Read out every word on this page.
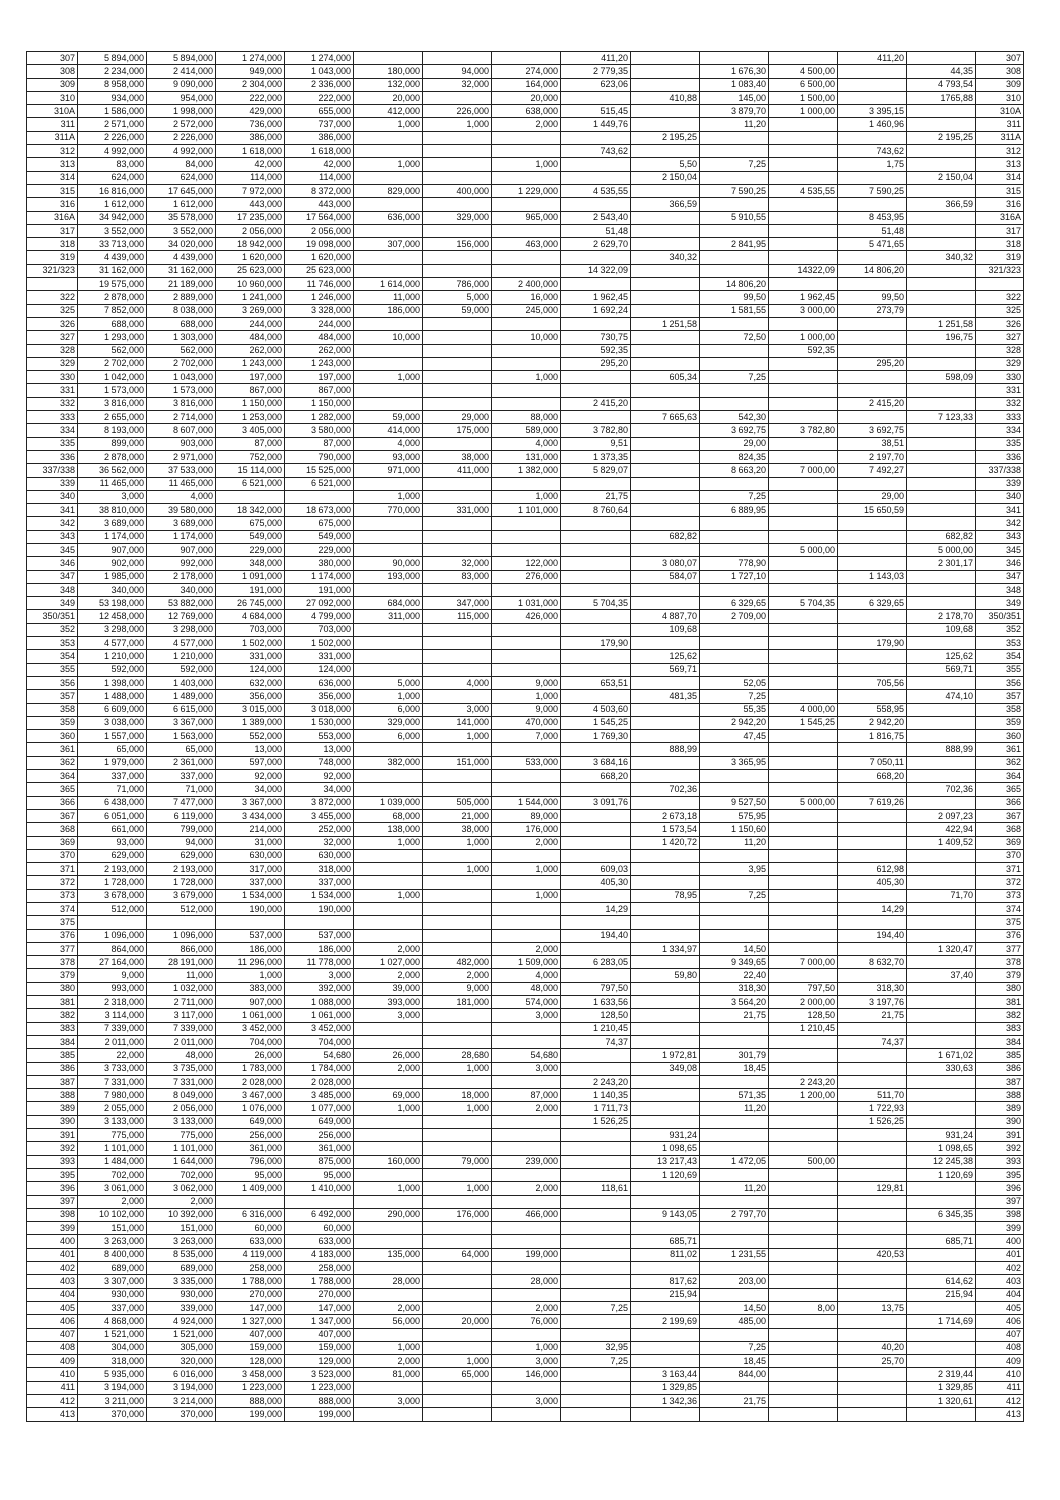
307	5 894,000	5 894,000	1 274,000	1 274,000				411,20				411,20		307
308	2 234,000	2 414,000	949,000	1 043,000	180,000	94,000	274,000	2 779,35		1 676,30	4 500,00		44,35	308
309	8 958,000	9 090,000	2 304,000	2 336,000	132,000	32,000	164,000	623,06		1 083,40	6 500,00		4 793,54	309
310	934,000	954,000	222,000	222,000	20,000		20,000		410,88	145,00	1 500,00		1765,88	310
310A	1 586,000	1 998,000	429,000	655,000	412,000	226,000	638,000	515,45		3 879,70	1 000,00	3 395,15		310A
311	2 571,000	2 572,000	736,000	737,000	1,000	1,000	2,000	1 449,76		11,20		1 460,96		311
311A	2 226,000	2 226,000	386,000	386,000					2 195,25				2 195,25	311A
312	4 992,000	4 992,000	1 618,000	1 618,000				743,62				743,62		312
313	83,000	84,000	42,000	42,000	1,000		1,000		5,50	7,25		1,75		313
314	624,000	624,000	114,000	114,000					2 150,04				2 150,04	314
315	16 816,000	17 645,000	7 972,000	8 372,000	829,000	400,000	1 229,000	4 535,55		7 590,25	4 535,55	7 590,25		315
316	1 612,000	1 612,000	443,000	443,000					366,59				366,59	316
316A	34 942,000	35 578,000	17 235,000	17 564,000	636,000	329,000	965,000	2 543,40		5 910,55		8 453,95		316A
317	3 552,000	3 552,000	2 056,000	2 056,000				51,48				51,48		317
318	33 713,000	34 020,000	18 942,000	19 098,000	307,000	156,000	463,000	2 629,70		2 841,95		5 471,65		318
319	4 439,000	4 439,000	1 620,000	1 620,000					340,32				340,32	319
321/323	31 162,000	31 162,000	25 623,000	25 623,000				14 322,09			14322,09	14 806,20		321/323
	19 575,000	21 189,000	10 960,000	11 746,000	1 614,000	786,000	2 400,000			14 806,20				
322	2 878,000	2 889,000	1 241,000	1 246,000	11,000	5,000	16,000	1 962,45		99,50	1 962,45	99,50		322
325	7 852,000	8 038,000	3 269,000	3 328,000	186,000	59,000	245,000	1 692,24		1 581,55	3 000,00	273,79		325
326	688,000	688,000	244,000	244,000					1 251,58				1 251,58	326
327	1 293,000	1 303,000	484,000	484,000	10,000		10,000	730,75		72,50	1 000,00		196,75	327
328	562,000	562,000	262,000	262,000				592,35			592,35			328
329	2 702,000	2 702,000	1 243,000	1 243,000				295,20				295,20		329
330	1 042,000	1 043,000	197,000	197,000	1,000		1,000		605,34	7,25			598,09	330
331	1 573,000	1 573,000	867,000	867,000										331
332	3 816,000	3 816,000	1 150,000	1 150,000				2 415,20				2 415,20		332
333	2 655,000	2 714,000	1 253,000	1 282,000	59,000	29,000	88,000		7 665,63	542,30			7 123,33	333
334	8 193,000	8 607,000	3 405,000	3 580,000	414,000	175,000	589,000	3 782,80		3 692,75	3 782,80	3 692,75		334
335	899,000	903,000	87,000	87,000	4,000		4,000	9,51		29,00		38,51		335
336	2 878,000	2 971,000	752,000	790,000	93,000	38,000	131,000	1 373,35		824,35		2 197,70		336
337/338	36 562,000	37 533,000	15 114,000	15 525,000	971,000	411,000	1 382,000	5 829,07		8 663,20	7 000,00	7 492,27		337/338
339	11 465,000	11 465,000	6 521,000	6 521,000										339
340	3,000	4,000			1,000		1,000	21,75		7,25		29,00		340
341	38 810,000	39 580,000	18 342,000	18 673,000	770,000	331,000	1 101,000	8 760,64		6 889,95		15 650,59		341
342	3 689,000	3 689,000	675,000	675,000										342
343	1 174,000	1 174,000	549,000	549,000					682,82				682,82	343
345	907,000	907,000	229,000	229,000							5 000,00		5 000,00	345
346	902,000	992,000	348,000	380,000	90,000	32,000	122,000		3 080,07	778,90			2 301,17	346
347	1 985,000	2 178,000	1 091,000	1 174,000	193,000	83,000	276,000		584,07	1 727,10		1 143,03		347
348	340,000	340,000	191,000	191,000										348
349	53 198,000	53 882,000	26 745,000	27 092,000	684,000	347,000	1 031,000	5 704,35		6 329,65	5 704,35	6 329,65		349
350/351	12 458,000	12 769,000	4 684,000	4 799,000	311,000	115,000	426,000		4 887,70	2 709,00			2 178,70	350/351
352	3 298,000	3 298,000	703,000	703,000					109,68				109,68	352
353	4 577,000	4 577,000	1 502,000	1 502,000				179,90				179,90		353
354	1 210,000	1 210,000	331,000	331,000					125,62				125,62	354
355	592,000	592,000	124,000	124,000					569,71				569,71	355
356	1 398,000	1 403,000	632,000	636,000	5,000	4,000	9,000	653,51		52,05		705,56		356
357	1 488,000	1 489,000	356,000	356,000	1,000		1,000		481,35	7,25			474,10	357
358	6 609,000	6 615,000	3 015,000	3 018,000	6,000	3,000	9,000	4 503,60		55,35	4 000,00	558,95		358
359	3 038,000	3 367,000	1 389,000	1 530,000	329,000	141,000	470,000	1 545,25		2 942,20	1 545,25	2 942,20		359
360	1 557,000	1 563,000	552,000	553,000	6,000	1,000	7,000	1 769,30		47,45		1 816,75		360
361	65,000	65,000	13,000	13,000					888,99				888,99	361
362	1 979,000	2 361,000	597,000	748,000	382,000	151,000	533,000	3 684,16		3 365,95		7 050,11		362
364	337,000	337,000	92,000	92,000				668,20				668,20		364
365	71,000	71,000	34,000	34,000					702,36				702,36	365
366	6 438,000	7 477,000	3 367,000	3 872,000	1 039,000	505,000	1 544,000	3 091,76		9 527,50	5 000,00	7 619,26		366
367	6 051,000	6 119,000	3 434,000	3 455,000	68,000	21,000	89,000		2 673,18	575,95			2 097,23	367
368	661,000	799,000	214,000	252,000	138,000	38,000	176,000		1 573,54	1 150,60			422,94	368
369	93,000	94,000	31,000	32,000	1,000	1,000	2,000		1 420,72	11,20			1 409,52	369
370	629,000	629,000	630,000	630,000										370
371	2 193,000	2 193,000	317,000	318,000		1,000	1,000	609,03		3,95		612,98		371
372	1 728,000	1 728,000	337,000	337,000				405,30				405,30		372
373	3 678,000	3 679,000	1 534,000	1 534,000	1,000		1,000		78,95	7,25			71,70	373
374	512,000	512,000	190,000	190,000				14,29				14,29		374
375														375
376	1 096,000	1 096,000	537,000	537,000				194,40				194,40		376
377	864,000	866,000	186,000	186,000	2,000		2,000		1 334,97	14,50			1 320,47	377
378	27 164,000	28 191,000	11 296,000	11 778,000	1 027,000	482,000	1 509,000	6 283,05		9 349,65	7 000,00	8 632,70		378
379	9,000	11,000	1,000	3,000	2,000	2,000	4,000		59,80	22,40			37,40	379
380	993,000	1 032,000	383,000	392,000	39,000	9,000	48,000	797,50		318,30	797,50	318,30		380
381	2 318,000	2 711,000	907,000	1 088,000	393,000	181,000	574,000	1 633,56		3 564,20	2 000,00	3 197,76		381
382	3 114,000	3 117,000	1 061,000	1 061,000	3,000		3,000	128,50		21,75	128,50	21,75		382
383	7 339,000	7 339,000	3 452,000	3 452,000				1 210,45			1 210,45			383
384	2 011,000	2 011,000	704,000	704,000				74,37				74,37		384
385	22,000	48,000	26,000	54,680	26,000	28,680	54,680		1 972,81	301,79			1 671,02	385
386	3 733,000	3 735,000	1 783,000	1 784,000	2,000	1,000	3,000		349,08	18,45			330,63	386
387	7 331,000	7 331,000	2 028,000	2 028,000				2 243,20			2 243,20			387
388	7 980,000	8 049,000	3 467,000	3 485,000	69,000	18,000	87,000	1 140,35		571,35	1 200,00	511,70		388
389	2 055,000	2 056,000	1 076,000	1 077,000	1,000	1,000	2,000	1 711,73		11,20		1 722,93		389
390	3 133,000	3 133,000	649,000	649,000				1 526,25				1 526,25		390
391	775,000	775,000	256,000	256,000					931,24				931,24	391
392	1 101,000	1 101,000	361,000	361,000					1 098,65				1 098,65	392
393	1 484,000	1 644,000	796,000	875,000	160,000	79,000	239,000		13 217,43	1 472,05	500,00		12 245,38	393
395	702,000	702,000	95,000	95,000					1 120,69				1 120,69	395
396	3 061,000	3 062,000	1 409,000	1 410,000	1,000	1,000	2,000	118,61		11,20		129,81		396
397	2,000	2,000												397
398	10 102,000	10 392,000	6 316,000	6 492,000	290,000	176,000	466,000		9 143,05	2 797,70			6 345,35	398
399	151,000	151,000	60,000	60,000										399
400	3 263,000	3 263,000	633,000	633,000					685,71				685,71	400
401	8 400,000	8 535,000	4 119,000	4 183,000	135,000	64,000	199,000		811,02	1 231,55		420,53		401
402	689,000	689,000	258,000	258,000										402
403	3 307,000	3 335,000	1 788,000	1 788,000	28,000		28,000		817,62	203,00			614,62	403
404	930,000	930,000	270,000	270,000					215,94				215,94	404
405	337,000	339,000	147,000	147,000	2,000		2,000	7,25		14,50	8,00	13,75		405
406	4 868,000	4 924,000	1 327,000	1 347,000	56,000	20,000	76,000		2 199,69	485,00			1 714,69	406
407	1 521,000	1 521,000	407,000	407,000										407
408	304,000	305,000	159,000	159,000	1,000		1,000	32,95		7,25		40,20		408
409	318,000	320,000	128,000	129,000	2,000	1,000	3,000	7,25		18,45		25,70		409
410	5 935,000	6 016,000	3 458,000	3 523,000	81,000	65,000	146,000		3 163,44	844,00			2 319,44	410
411	3 194,000	3 194,000	1 223,000	1 223,000					1 329,85				1 329,85	411
412	3 211,000	3 214,000	888,000	888,000	3,000		3,000		1 342,36	21,75			1 320,61	412
413	370,000	370,000	199,000	199,000										413
